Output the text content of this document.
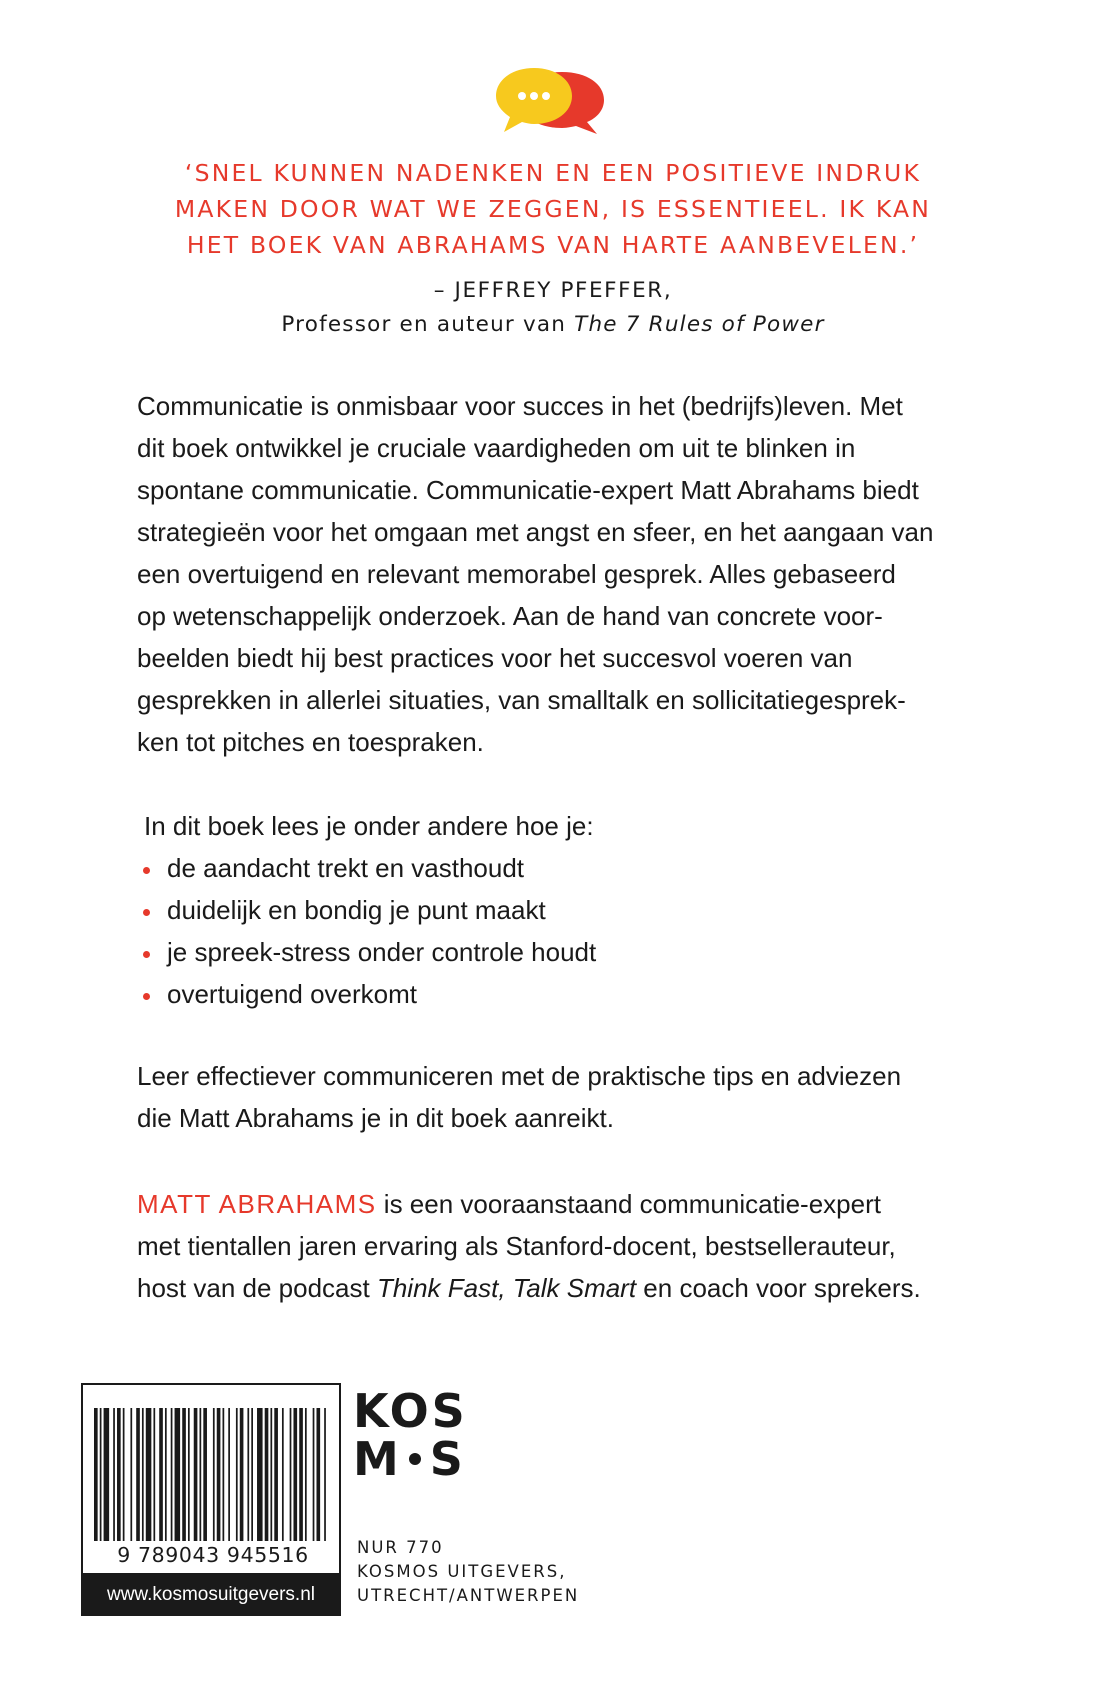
‘SNEL KUNNEN NADENKEN EN EEN POSITIEVE INDRUK
MAKEN DOOR WAT WE ZEGGEN, IS ESSENTIEEL. IK KAN
HET BOEK VAN ABRAHAMS VAN HARTE AANBEVELEN.’
– JEFFREY PFEFFER,
Professor en auteur van The 7 Rules of Power
Communicatie is onmisbaar voor succes in het (bedrijfs)leven. Met
dit boek ontwikkel je cruciale vaardigheden om uit te blinken in
spontane communicatie. Communicatie-expert Matt Abrahams biedt
strategieën voor het omgaan met angst en sfeer, en het aangaan van
een overtuigend en relevant memorabel gesprek. Alles gebaseerd
op wetenschappelijk onderzoek. Aan de hand van concrete voor-
beelden biedt hij best practices voor het succesvol voeren van
gesprekken in allerlei situaties, van smalltalk en sollicitatiegesprek-
ken tot pitches en toespraken.
In dit boek lees je onder andere hoe je:
de aandacht trekt en vasthoudt
duidelijk en bondig je punt maakt
je spreek-stress onder controle houdt
overtuigend overkomt
Leer effectiever communiceren met de praktische tips en adviezen
die Matt Abrahams je in dit boek aanreikt.
MATT ABRAHAMS is een vooraanstaand communicatie-expert
met tientallen jaren ervaring als Stanford-docent, bestsellerauteur,
host van de podcast Think Fast, Talk Smart en coach voor sprekers.
9 789043 945516
www.kosmosuitgevers.nl
KOS
M S
NUR 770
KOSMOS UITGEVERS,
UTRECHT/ANTWERPEN
